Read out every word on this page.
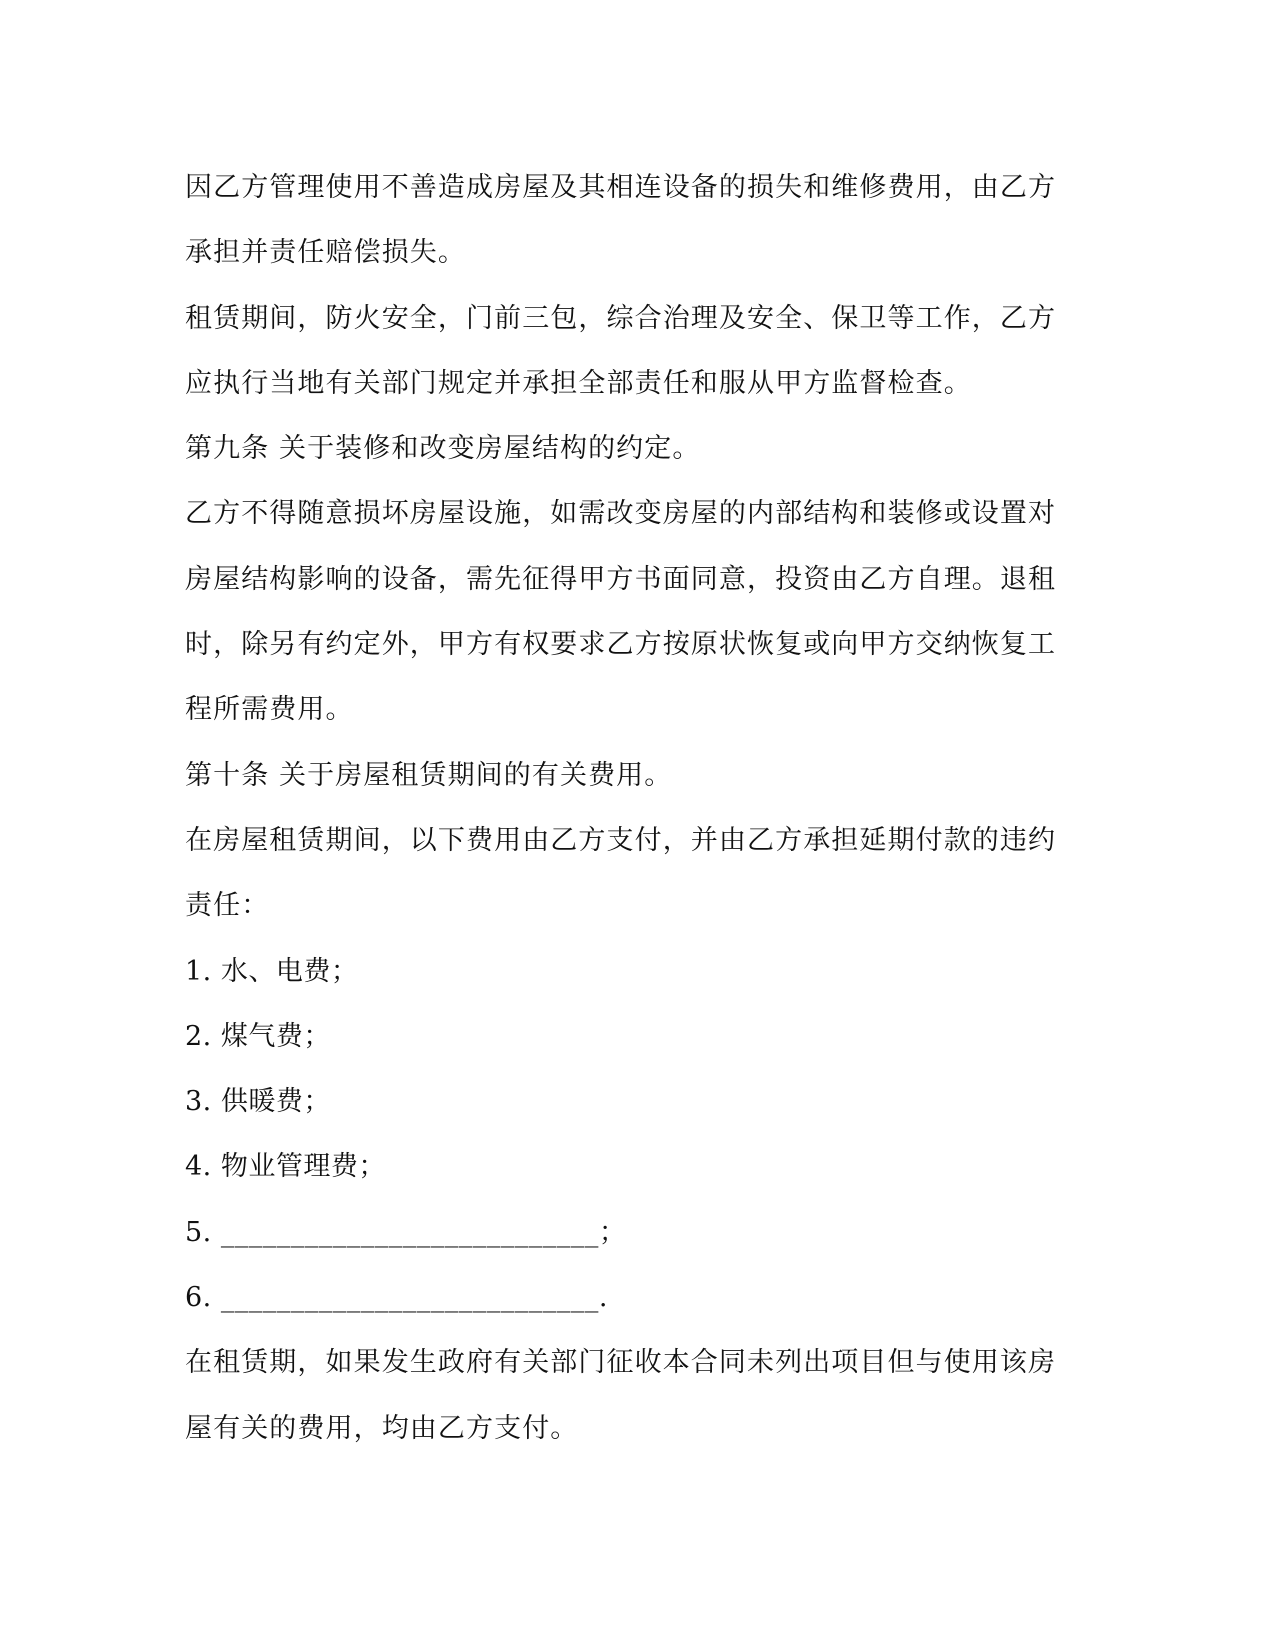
因乙方管理使用不善造成房屋及其相连设备的损失和维修费用，由乙方
承担并责任赔偿损失。
租赁期间，防火安全，门前三包，综合治理及安全、保卫等工作，乙方
应执行当地有关部门规定并承担全部责任和服从甲方监督检查。
第九条 关于装修和改变房屋结构的约定。
乙方不得随意损坏房屋设施，如需改变房屋的内部结构和装修或设置对
房屋结构影响的设备，需先征得甲方书面同意，投资由乙方自理。退租
时，除另有约定外，甲方有权要求乙方按原状恢复或向甲方交纳恢复工
程所需费用。
第十条 关于房屋租赁期间的有关费用。
在房屋租赁期间，以下费用由乙方支付，并由乙方承担延期付款的违约
责任：
1. 水、电费；
2. 煤气费；
3. 供暖费；
4. 物业管理费；
5. ___________________________；
6. ___________________________.
在租赁期，如果发生政府有关部门征收本合同未列出项目但与使用该房
屋有关的费用，均由乙方支付。
